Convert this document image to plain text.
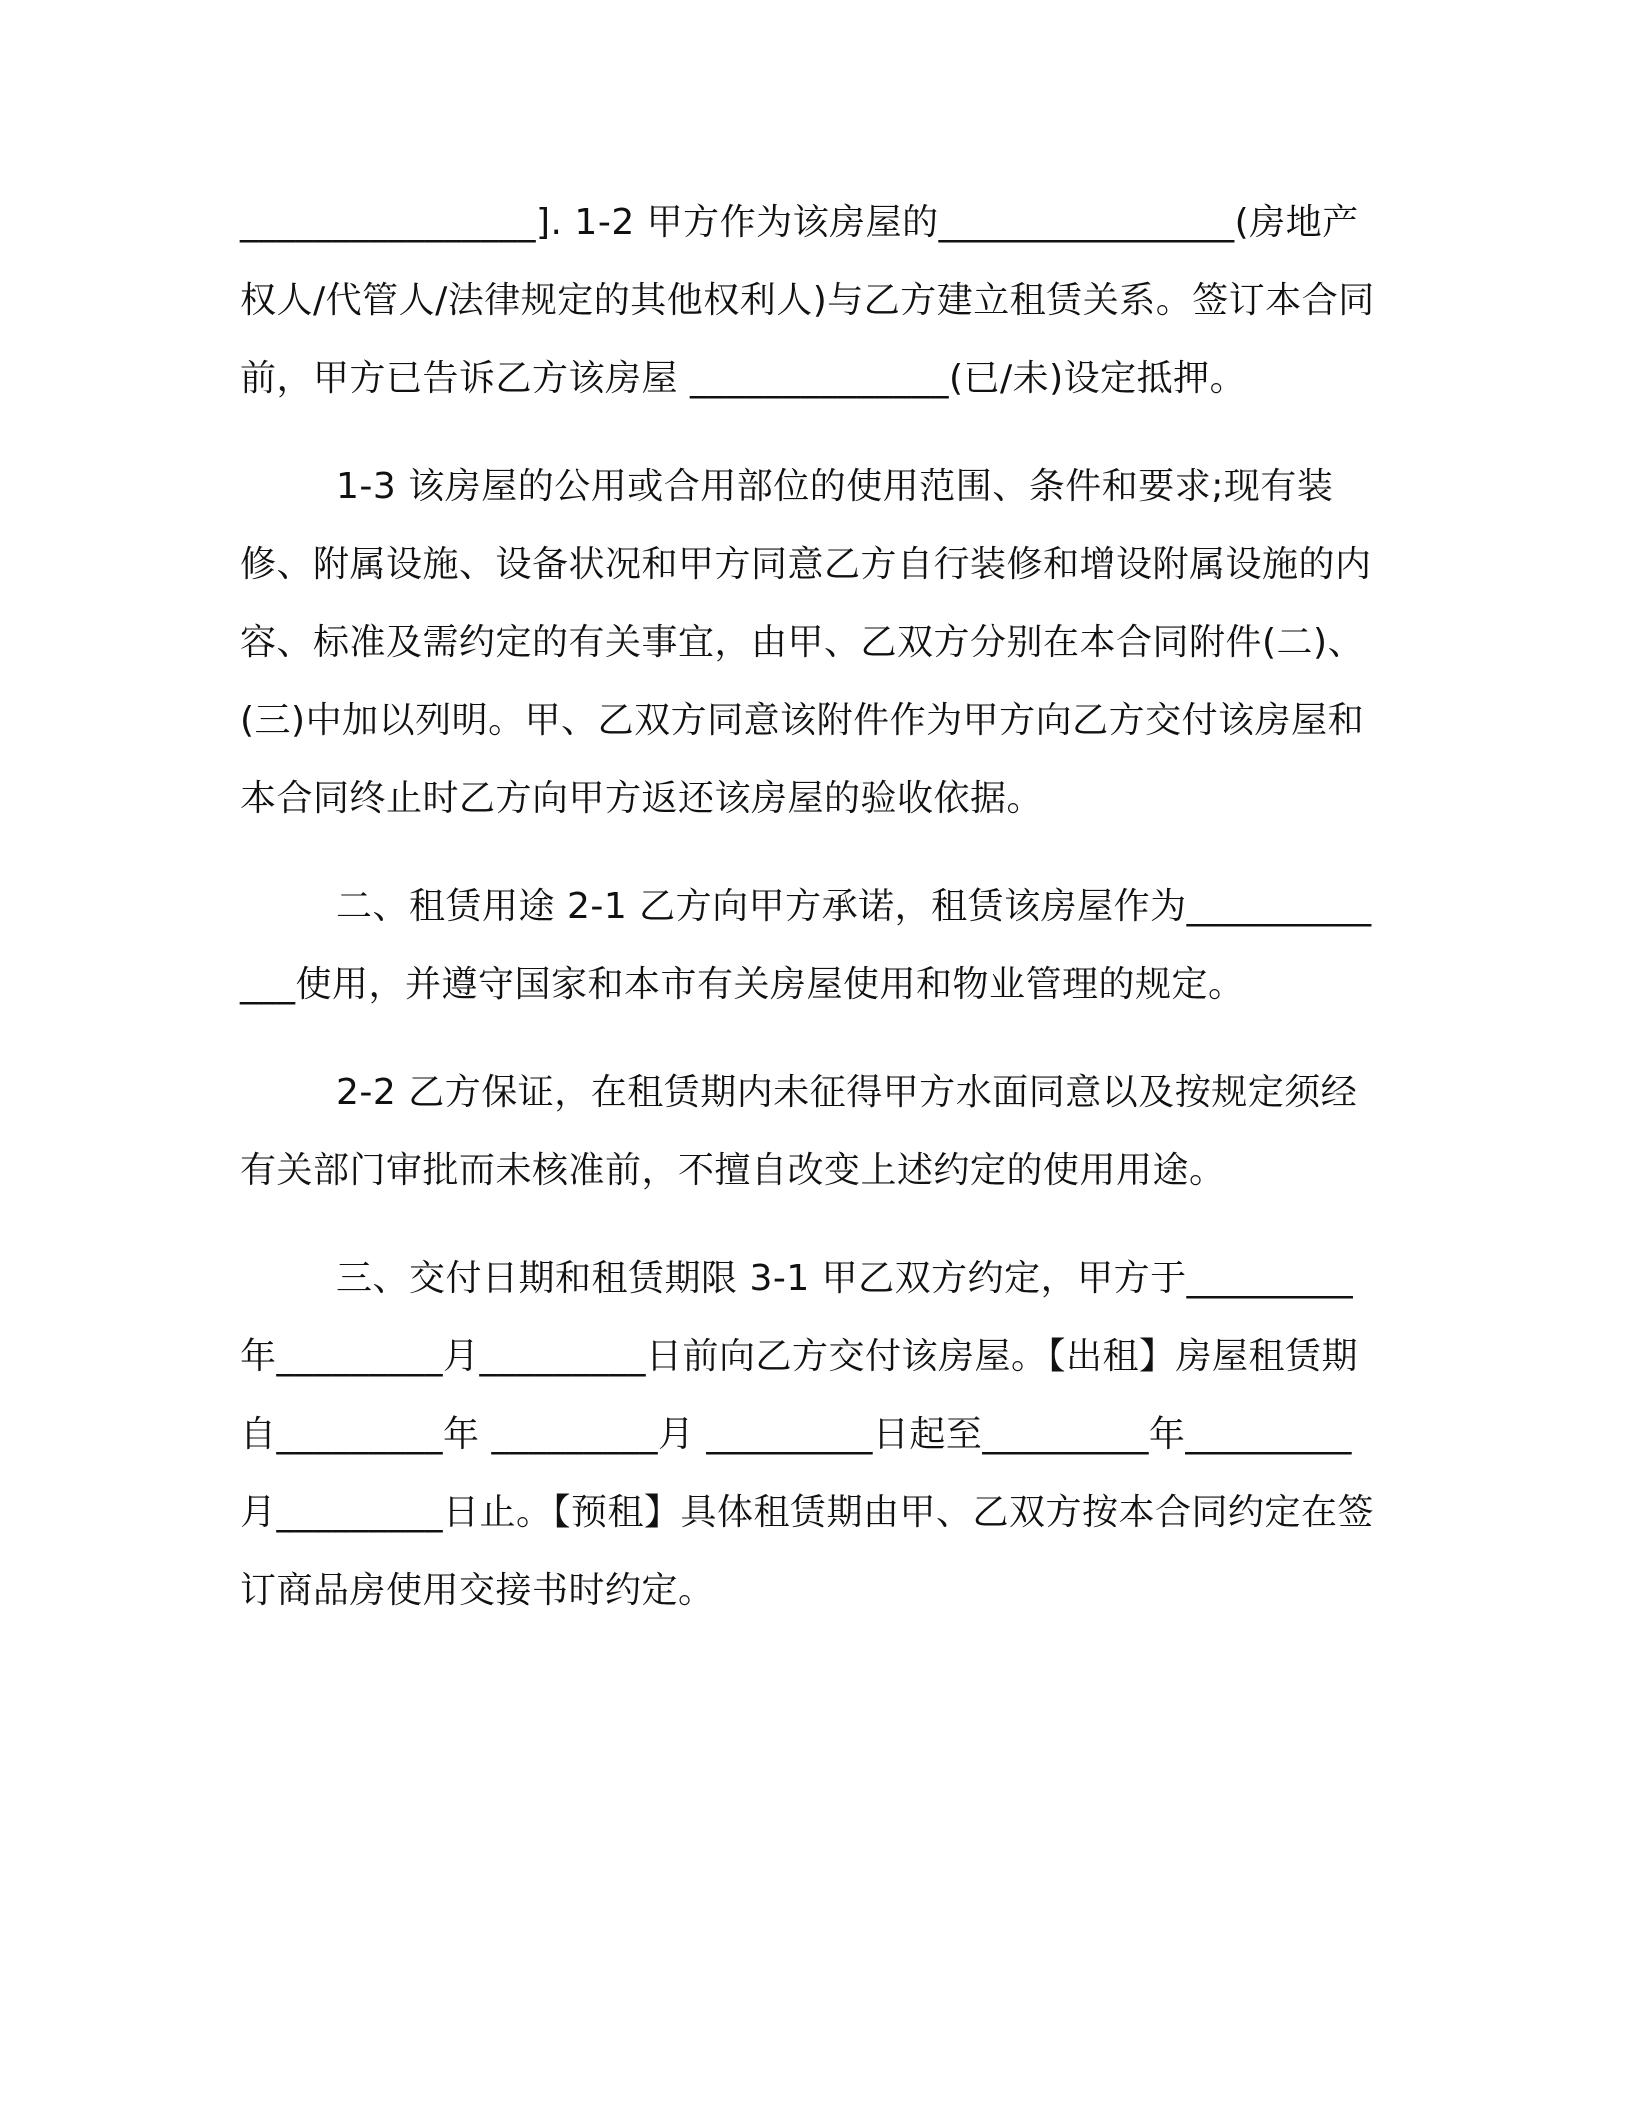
________________]. 1-2 甲方作为该房屋的________________(房地产权人/代管人/法律规定的其他权利人)与乙方建立租赁关系。签订本合同前，甲方已告诉乙方该房屋 ______________(已/未)设定抵押。

1-3 该房屋的公用或合用部位的使用范围、条件和要求;现有装修、附属设施、设备状况和甲方同意乙方自行装修和增设附属设施的内容、标准及需约定的有关事宜，由甲、乙双方分别在本合同附件(二)、(三)中加以列明。甲、乙双方同意该附件作为甲方向乙方交付该房屋和本合同终止时乙方向甲方返还该房屋的验收依据。

二、租赁用途 2-1 乙方向甲方承诺，租赁该房屋作为_____________使用，并遵守国家和本市有关房屋使用和物业管理的规定。

2-2 乙方保证，在租赁期内未征得甲方水面同意以及按规定须经有关部门审批而未核准前，不擅自改变上述约定的使用用途。

三、交付日期和租赁期限 3-1 甲乙双方约定，甲方于_________年_________月_________日前向乙方交付该房屋。【出租】房屋租赁期自_________年 _________月 _________日起至_________年_________月_________日止。【预租】具体租赁期由甲、乙双方按本合同约定在签订商品房使用交接书时约定。
